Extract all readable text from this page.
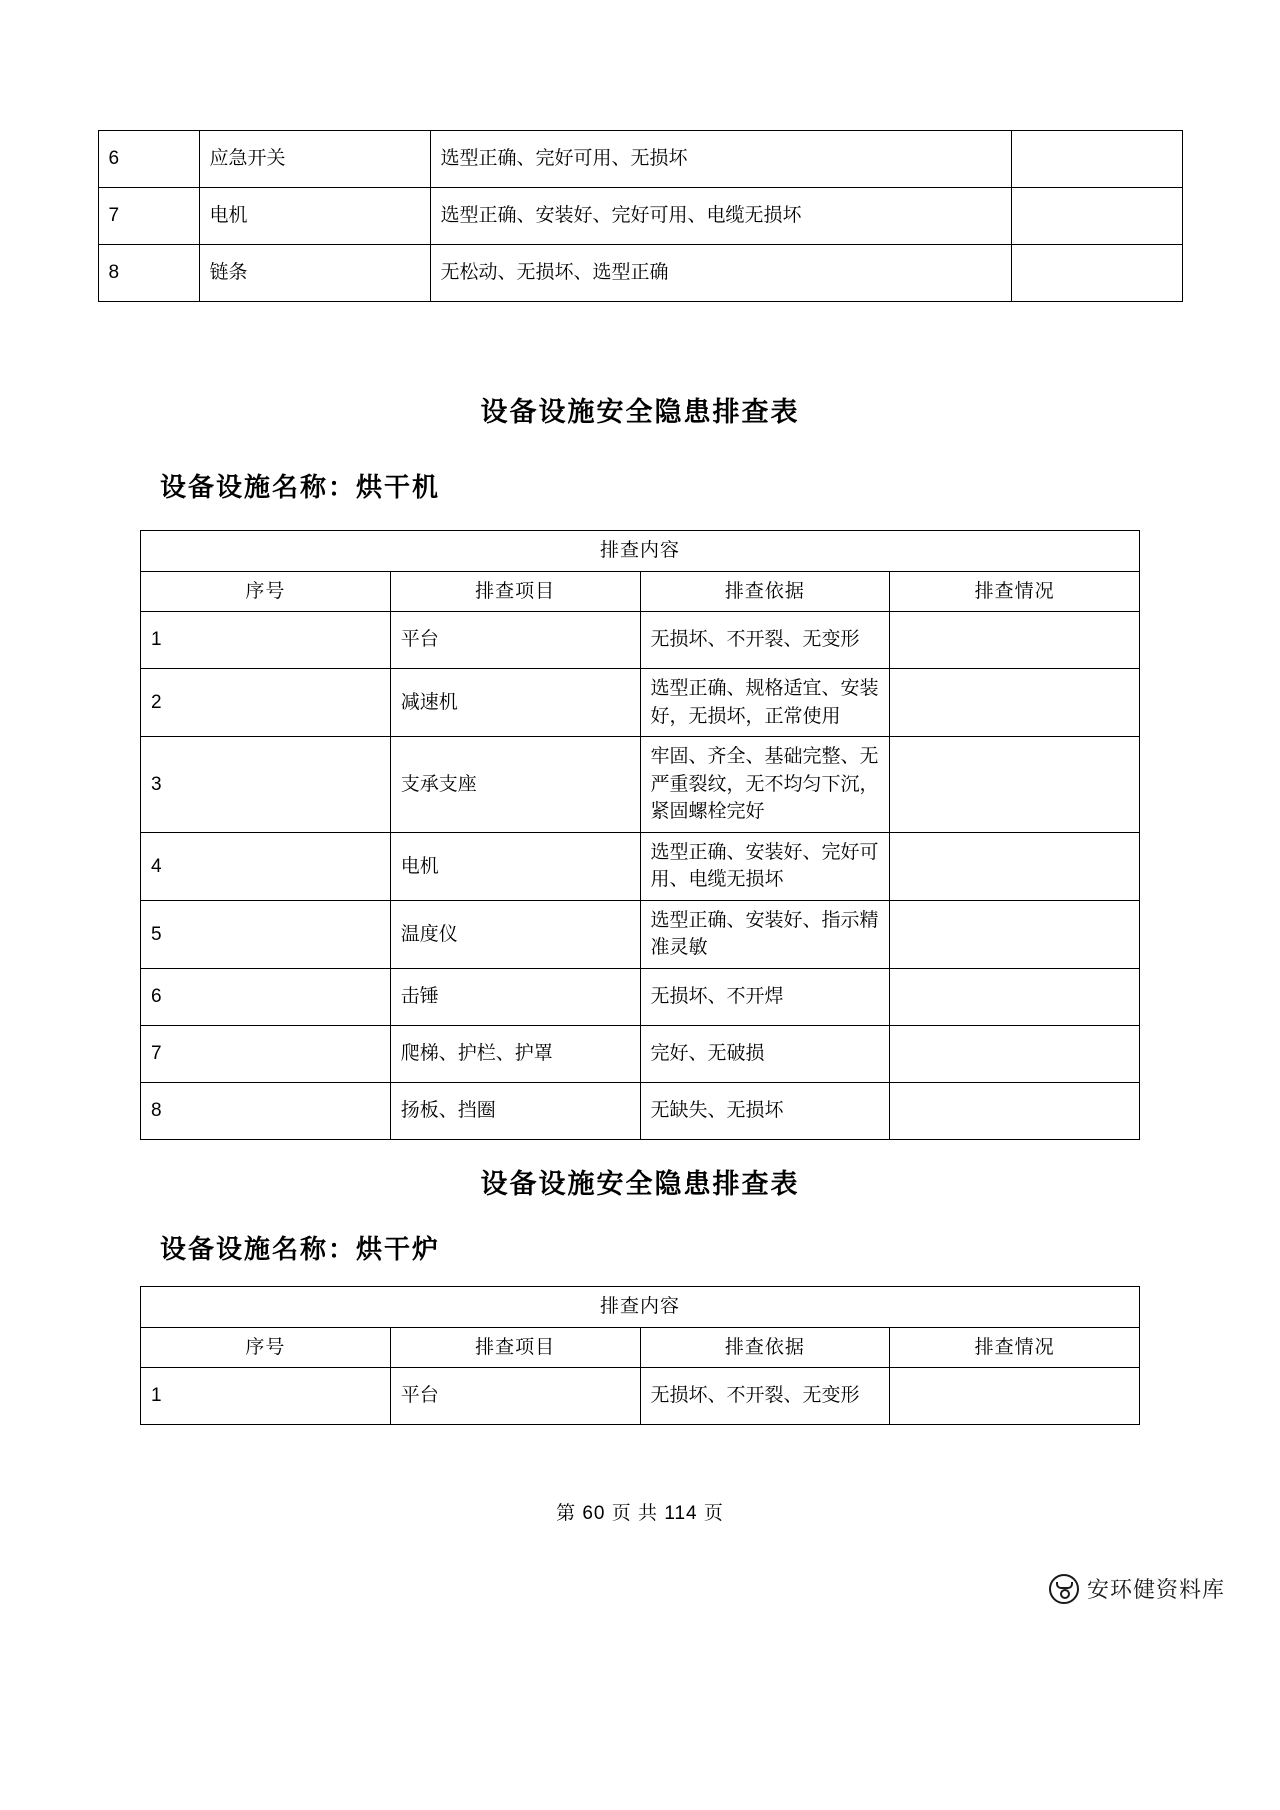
6	应急开关	选型正确、完好可用、无损坏	
7	电机	选型正确、安装好、完好可用、电缆无损坏	
8	链条	无松动、无损坏、选型正确	
设备设施安全隐患排查表
设备设施名称：烘干机
排查内容			
序号	排查项目	排查依据	排查情况
1	平台	无损坏、不开裂、无变形	
2	减速机	选型正确、规格适宜、安装好，无损坏，正常使用	
3	支承支座	牢固、齐全、基础完整、无严重裂纹，无不均匀下沉，紧固螺栓完好	
4	电机	选型正确、安装好、完好可用、电缆无损坏	
5	温度仪	选型正确、安装好、指示精准灵敏	
6	击锤	无损坏、不开焊	
7	爬梯、护栏、护罩	完好、无破损	
8	扬板、挡圈	无缺失、无损坏	
设备设施安全隐患排查表
设备设施名称：烘干炉
排查内容			
序号	排查项目	排查依据	排查情况
1	平台	无损坏、不开裂、无变形	
第 60 页 共 114 页
安环健资料库
